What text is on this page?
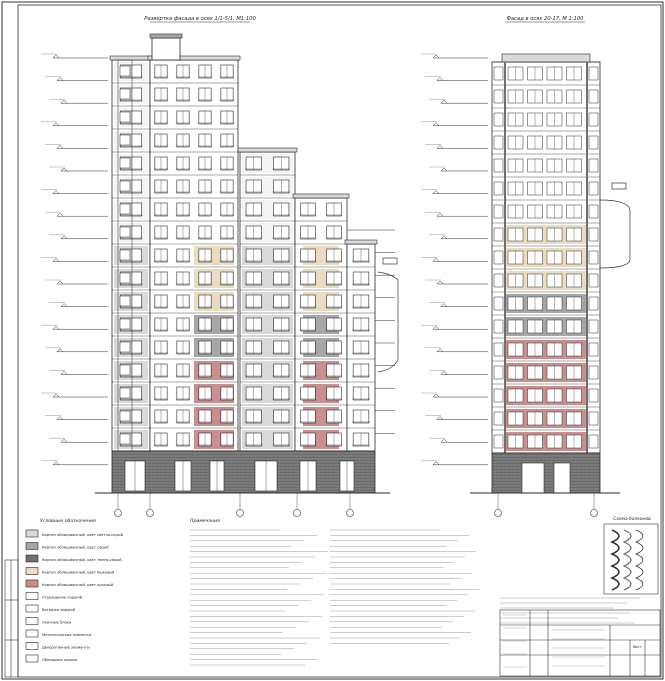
Развертка фасада в осях 1/1-5/1, М1:100	Фасад в осях 20-17, М 1:100
Условные обозначения
Кирпич облицовочный, цвет светло-серый
Кирпич облицовочный, цвет серый
Кирпич облицовочный, цвет темно-серый
Кирпич облицовочный, цвет бежевый
Кирпич облицовочный, цвет красный
Ограждение лоджий
Витражи лоджий
Оконные блоки
Металлические элементы
Декоративные элементы
Облицовка цоколя
Примечания	Схема балконов
Лист
